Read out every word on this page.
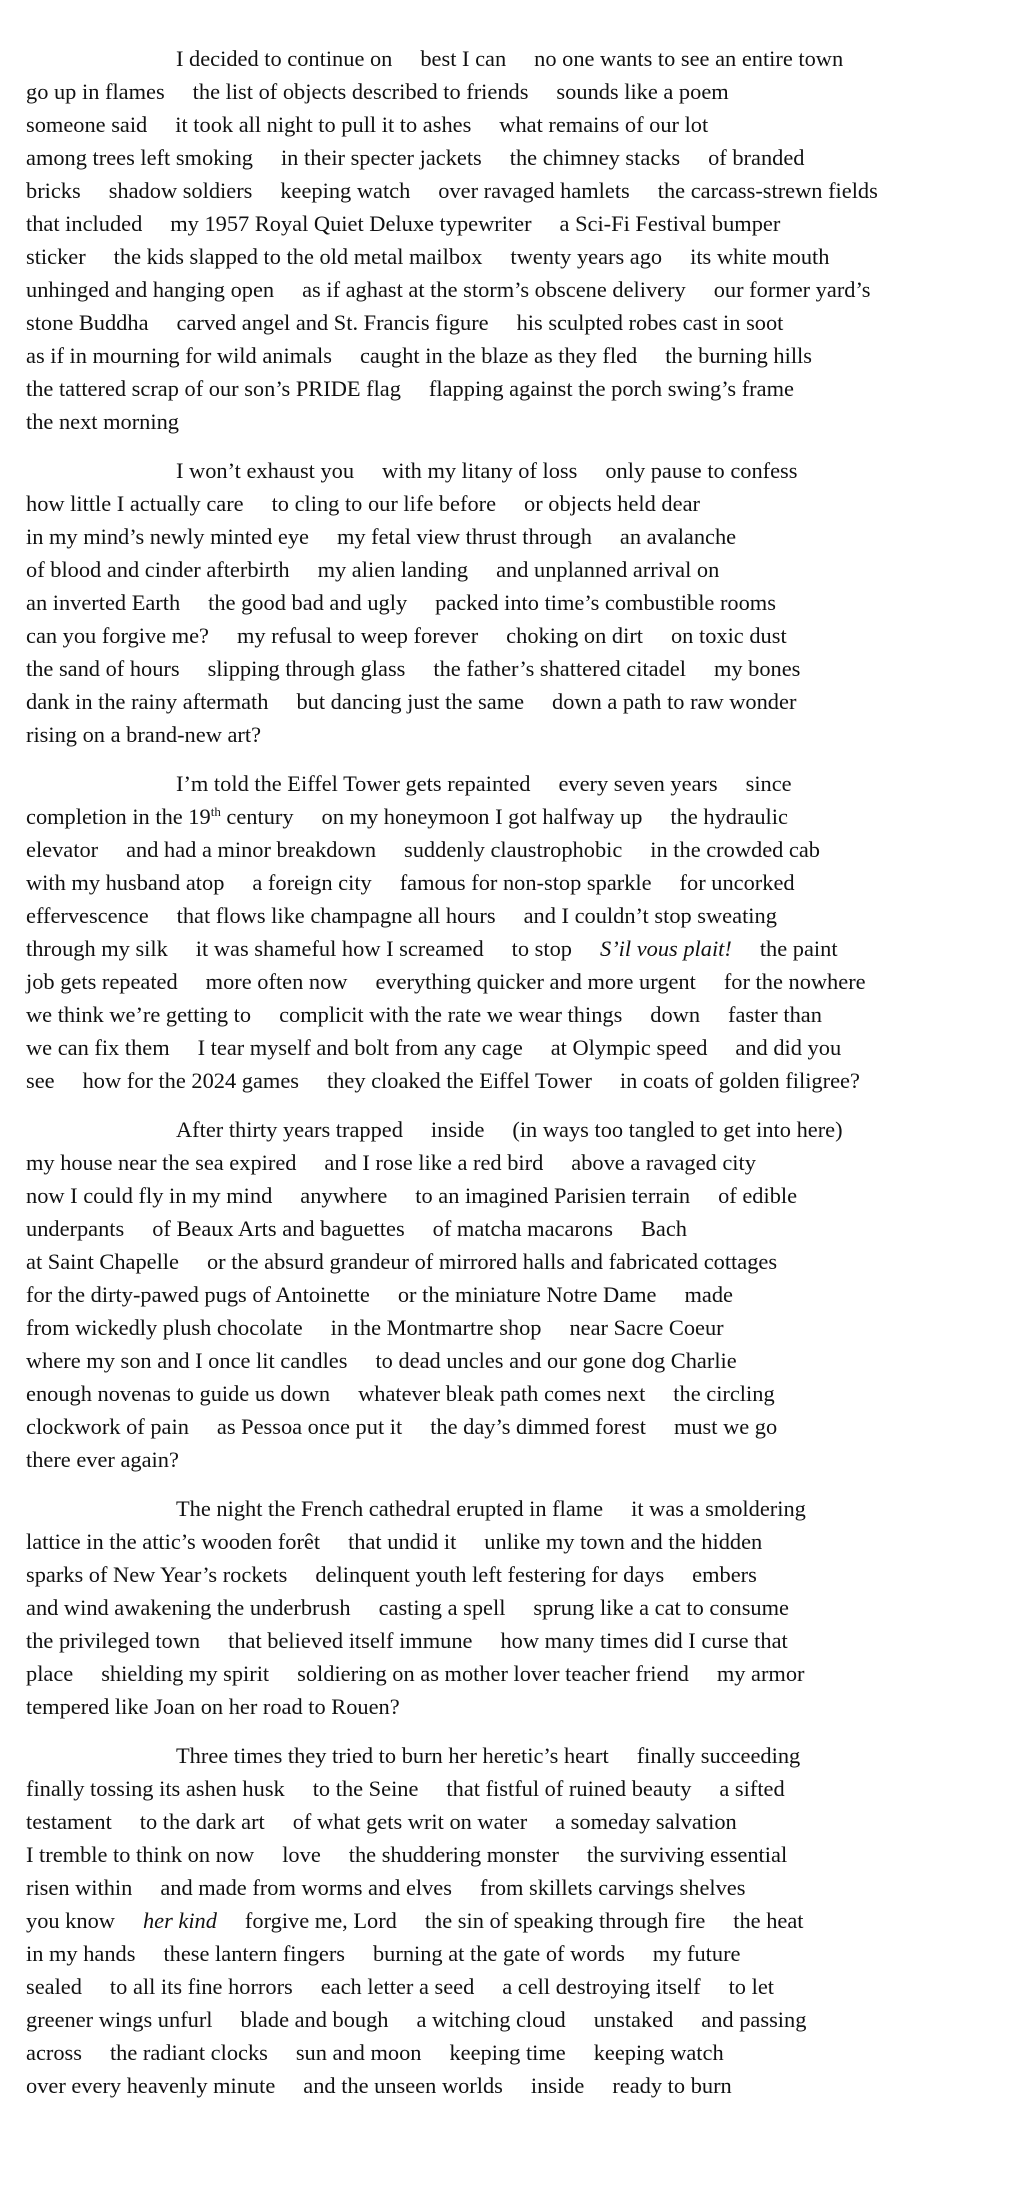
I decided to continue on     best I can     no one wants to see an entire town
go up in flames     the list of objects described to friends     sounds like a poem
someone said     it took all night to pull it to ashes     what remains of our lot
among trees left smoking     in their specter jackets     the chimney stacks     of branded
bricks     shadow soldiers     keeping watch     over ravaged hamlets     the carcass-strewn fields
that included     my 1957 Royal Quiet Deluxe typewriter     a Sci-Fi Festival bumper
sticker     the kids slapped to the old metal mailbox     twenty years ago     its white mouth
unhinged and hanging open     as if aghast at the storm’s obscene delivery     our former yard’s
stone Buddha     carved angel and St. Francis figure     his sculpted robes cast in soot
as if in mourning for wild animals     caught in the blaze as they fled     the burning hills
the tattered scrap of our son’s PRIDE flag     flapping against the porch swing’s frame
the next morning
I won’t exhaust you     with my litany of loss     only pause to confess
how little I actually care     to cling to our life before     or objects held dear
in my mind’s newly minted eye     my fetal view thrust through     an avalanche
of blood and cinder afterbirth     my alien landing     and unplanned arrival on
an inverted Earth     the good bad and ugly     packed into time’s combustible rooms
can you forgive me?     my refusal to weep forever     choking on dirt     on toxic dust
the sand of hours     slipping through glass     the father’s shattered citadel     my bones
dank in the rainy aftermath     but dancing just the same     down a path to raw wonder
rising on a brand-new art?
I’m told the Eiffel Tower gets repainted     every seven years     since
completion in the 19th century     on my honeymoon I got halfway up     the hydraulic
elevator     and had a minor breakdown     suddenly claustrophobic     in the crowded cab
with my husband atop     a foreign city     famous for non-stop sparkle     for uncorked
effervescence     that flows like champagne all hours     and I couldn’t stop sweating
through my silk     it was shameful how I screamed     to stop     S’il vous plait!     the paint
job gets repeated     more often now     everything quicker and more urgent     for the nowhere
we think we’re getting to     complicit with the rate we wear things     down     faster than
we can fix them     I tear myself and bolt from any cage     at Olympic speed     and did you
see     how for the 2024 games     they cloaked the Eiffel Tower     in coats of golden filigree?
After thirty years trapped     inside     (in ways too tangled to get into here)
my house near the sea expired     and I rose like a red bird     above a ravaged city
now I could fly in my mind     anywhere     to an imagined Parisien terrain     of edible
underpants     of Beaux Arts and baguettes     of matcha macarons     Bach
at Saint Chapelle     or the absurd grandeur of mirrored halls and fabricated cottages
for the dirty-pawed pugs of Antoinette     or the miniature Notre Dame     made
from wickedly plush chocolate     in the Montmartre shop     near Sacre Coeur
where my son and I once lit candles     to dead uncles and our gone dog Charlie
enough novenas to guide us down     whatever bleak path comes next     the circling
clockwork of pain     as Pessoa once put it     the day’s dimmed forest     must we go
there ever again?
The night the French cathedral erupted in flame     it was a smoldering
lattice in the attic’s wooden forêt     that undid it     unlike my town and the hidden
sparks of New Year’s rockets     delinquent youth left festering for days     embers
and wind awakening the underbrush     casting a spell     sprung like a cat to consume
the privileged town     that believed itself immune     how many times did I curse that
place     shielding my spirit     soldiering on as mother lover teacher friend     my armor
tempered like Joan on her road to Rouen?
Three times they tried to burn her heretic’s heart     finally succeeding
finally tossing its ashen husk     to the Seine     that fistful of ruined beauty     a sifted
testament     to the dark art     of what gets writ on water     a someday salvation
I tremble to think on now     love     the shuddering monster     the surviving essential
risen within     and made from worms and elves     from skillets carvings shelves
you know     her kind     forgive me, Lord     the sin of speaking through fire     the heat
in my hands     these lantern fingers     burning at the gate of words     my future
sealed     to all its fine horrors     each letter a seed     a cell destroying itself     to let
greener wings unfurl     blade and bough     a witching cloud     unstaked     and passing
across     the radiant clocks     sun and moon     keeping time     keeping watch
over every heavenly minute     and the unseen worlds     inside     ready to burn
